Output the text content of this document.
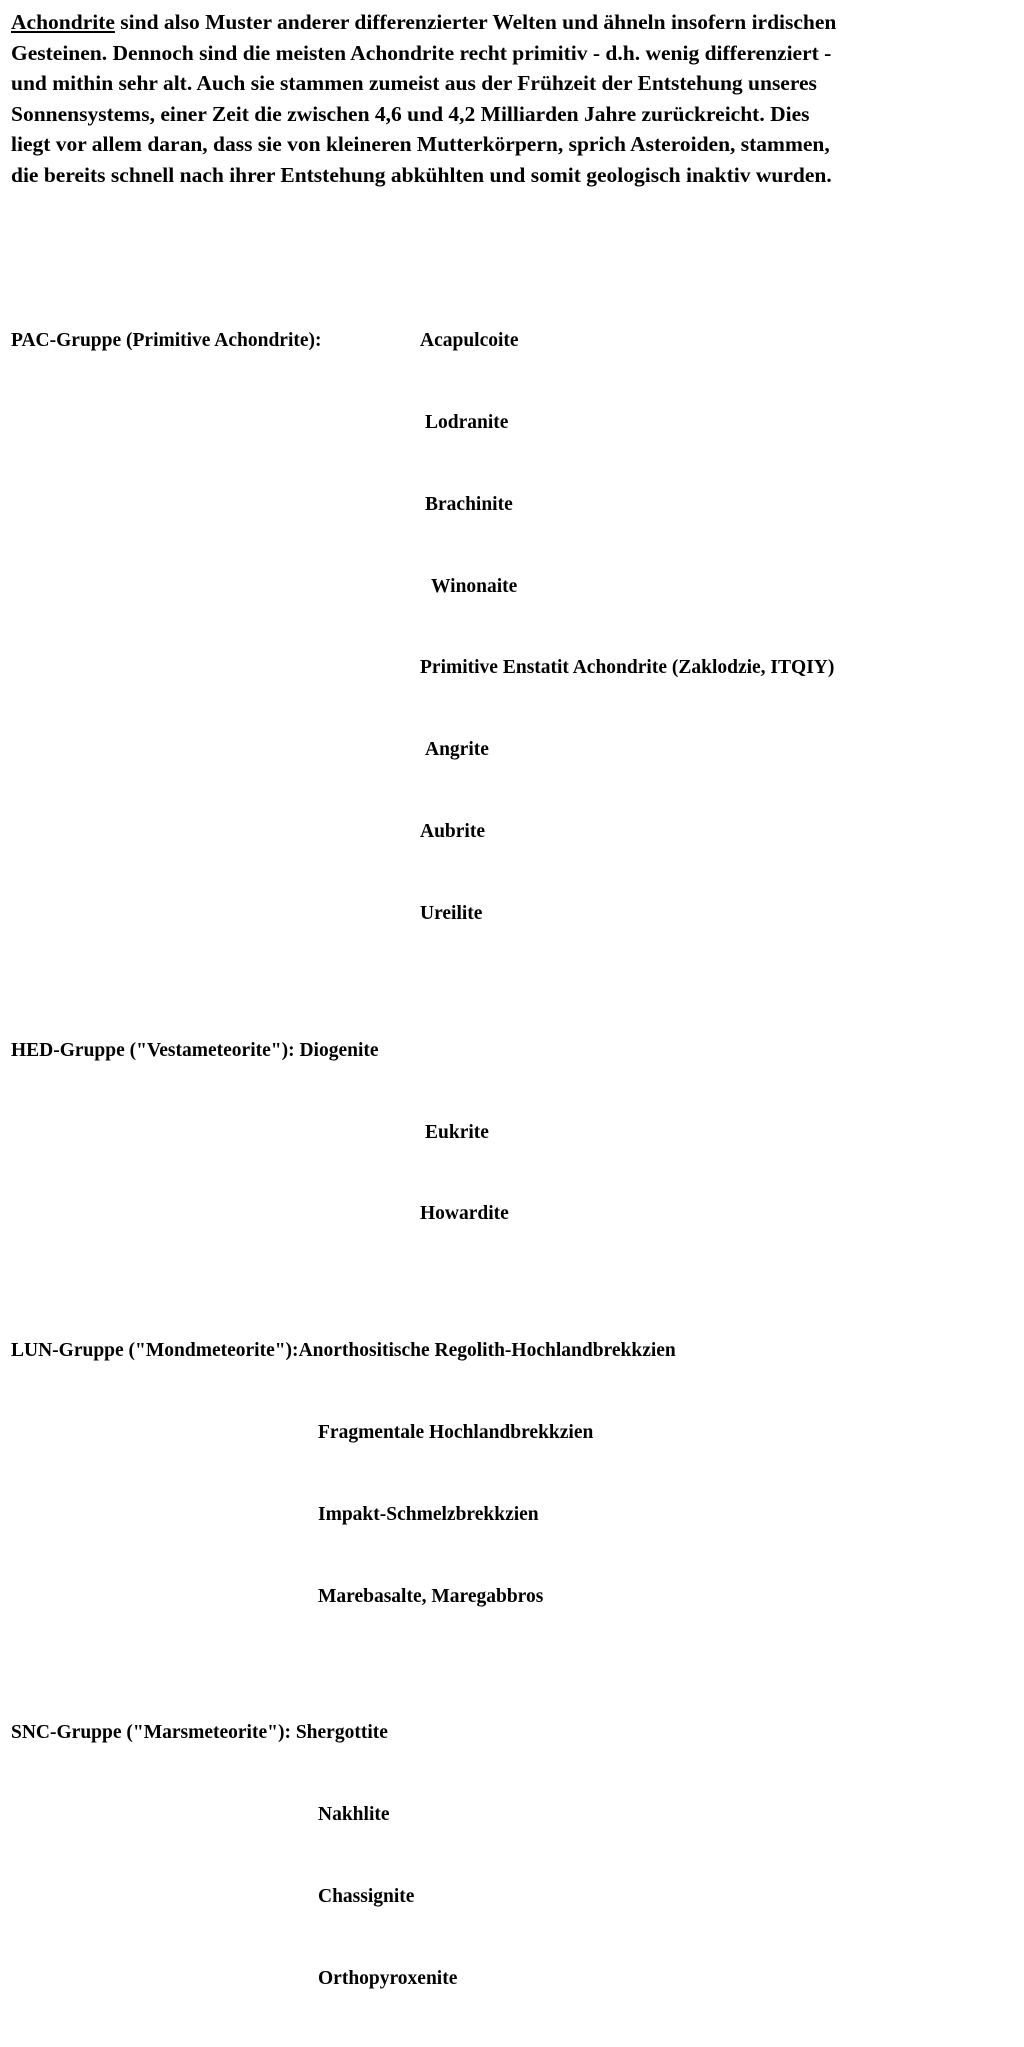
Achondrite sind also Muster anderer differenzierter Welten und ähneln insofern irdischen
Gesteinen. Dennoch sind die meisten Achondrite recht primitiv - d.h. wenig differenziert -
und mithin sehr alt. Auch sie stammen zumeist aus der Frühzeit der Entstehung unseres
Sonnensystems, einer Zeit die zwischen 4,6 und 4,2 Milliarden Jahre zurückreicht. Dies
liegt vor allem daran, dass sie von kleineren Mutterkörpern, sprich Asteroiden, stammen,
die bereits schnell nach ihrer Entstehung abkühlten und somit geologisch inaktiv wurden.

PAC-Gruppe (Primitive Achondrite):

	Acapulcoite

Lodranite

Brachinite

Winonaite

Primitive Enstatit Achondrite (Zaklodzie, ITQIY)

Angrite

Aubrite

Ureilite

HED-Gruppe ("Vestameteorite"): Diogenite

Eukrite

Howardite

LUN-Gruppe ("Mondmeteorite"):Anorthositische Regolith-Hochlandbrekkzien

Fragmentale Hochlandbrekkzien

Impakt-Schmelzbrekkzien

Marebasalte, Maregabbros

SNC-Gruppe ("Marsmeteorite"): Shergottite

Nakhlite

Chassignite

Orthopyroxenite
